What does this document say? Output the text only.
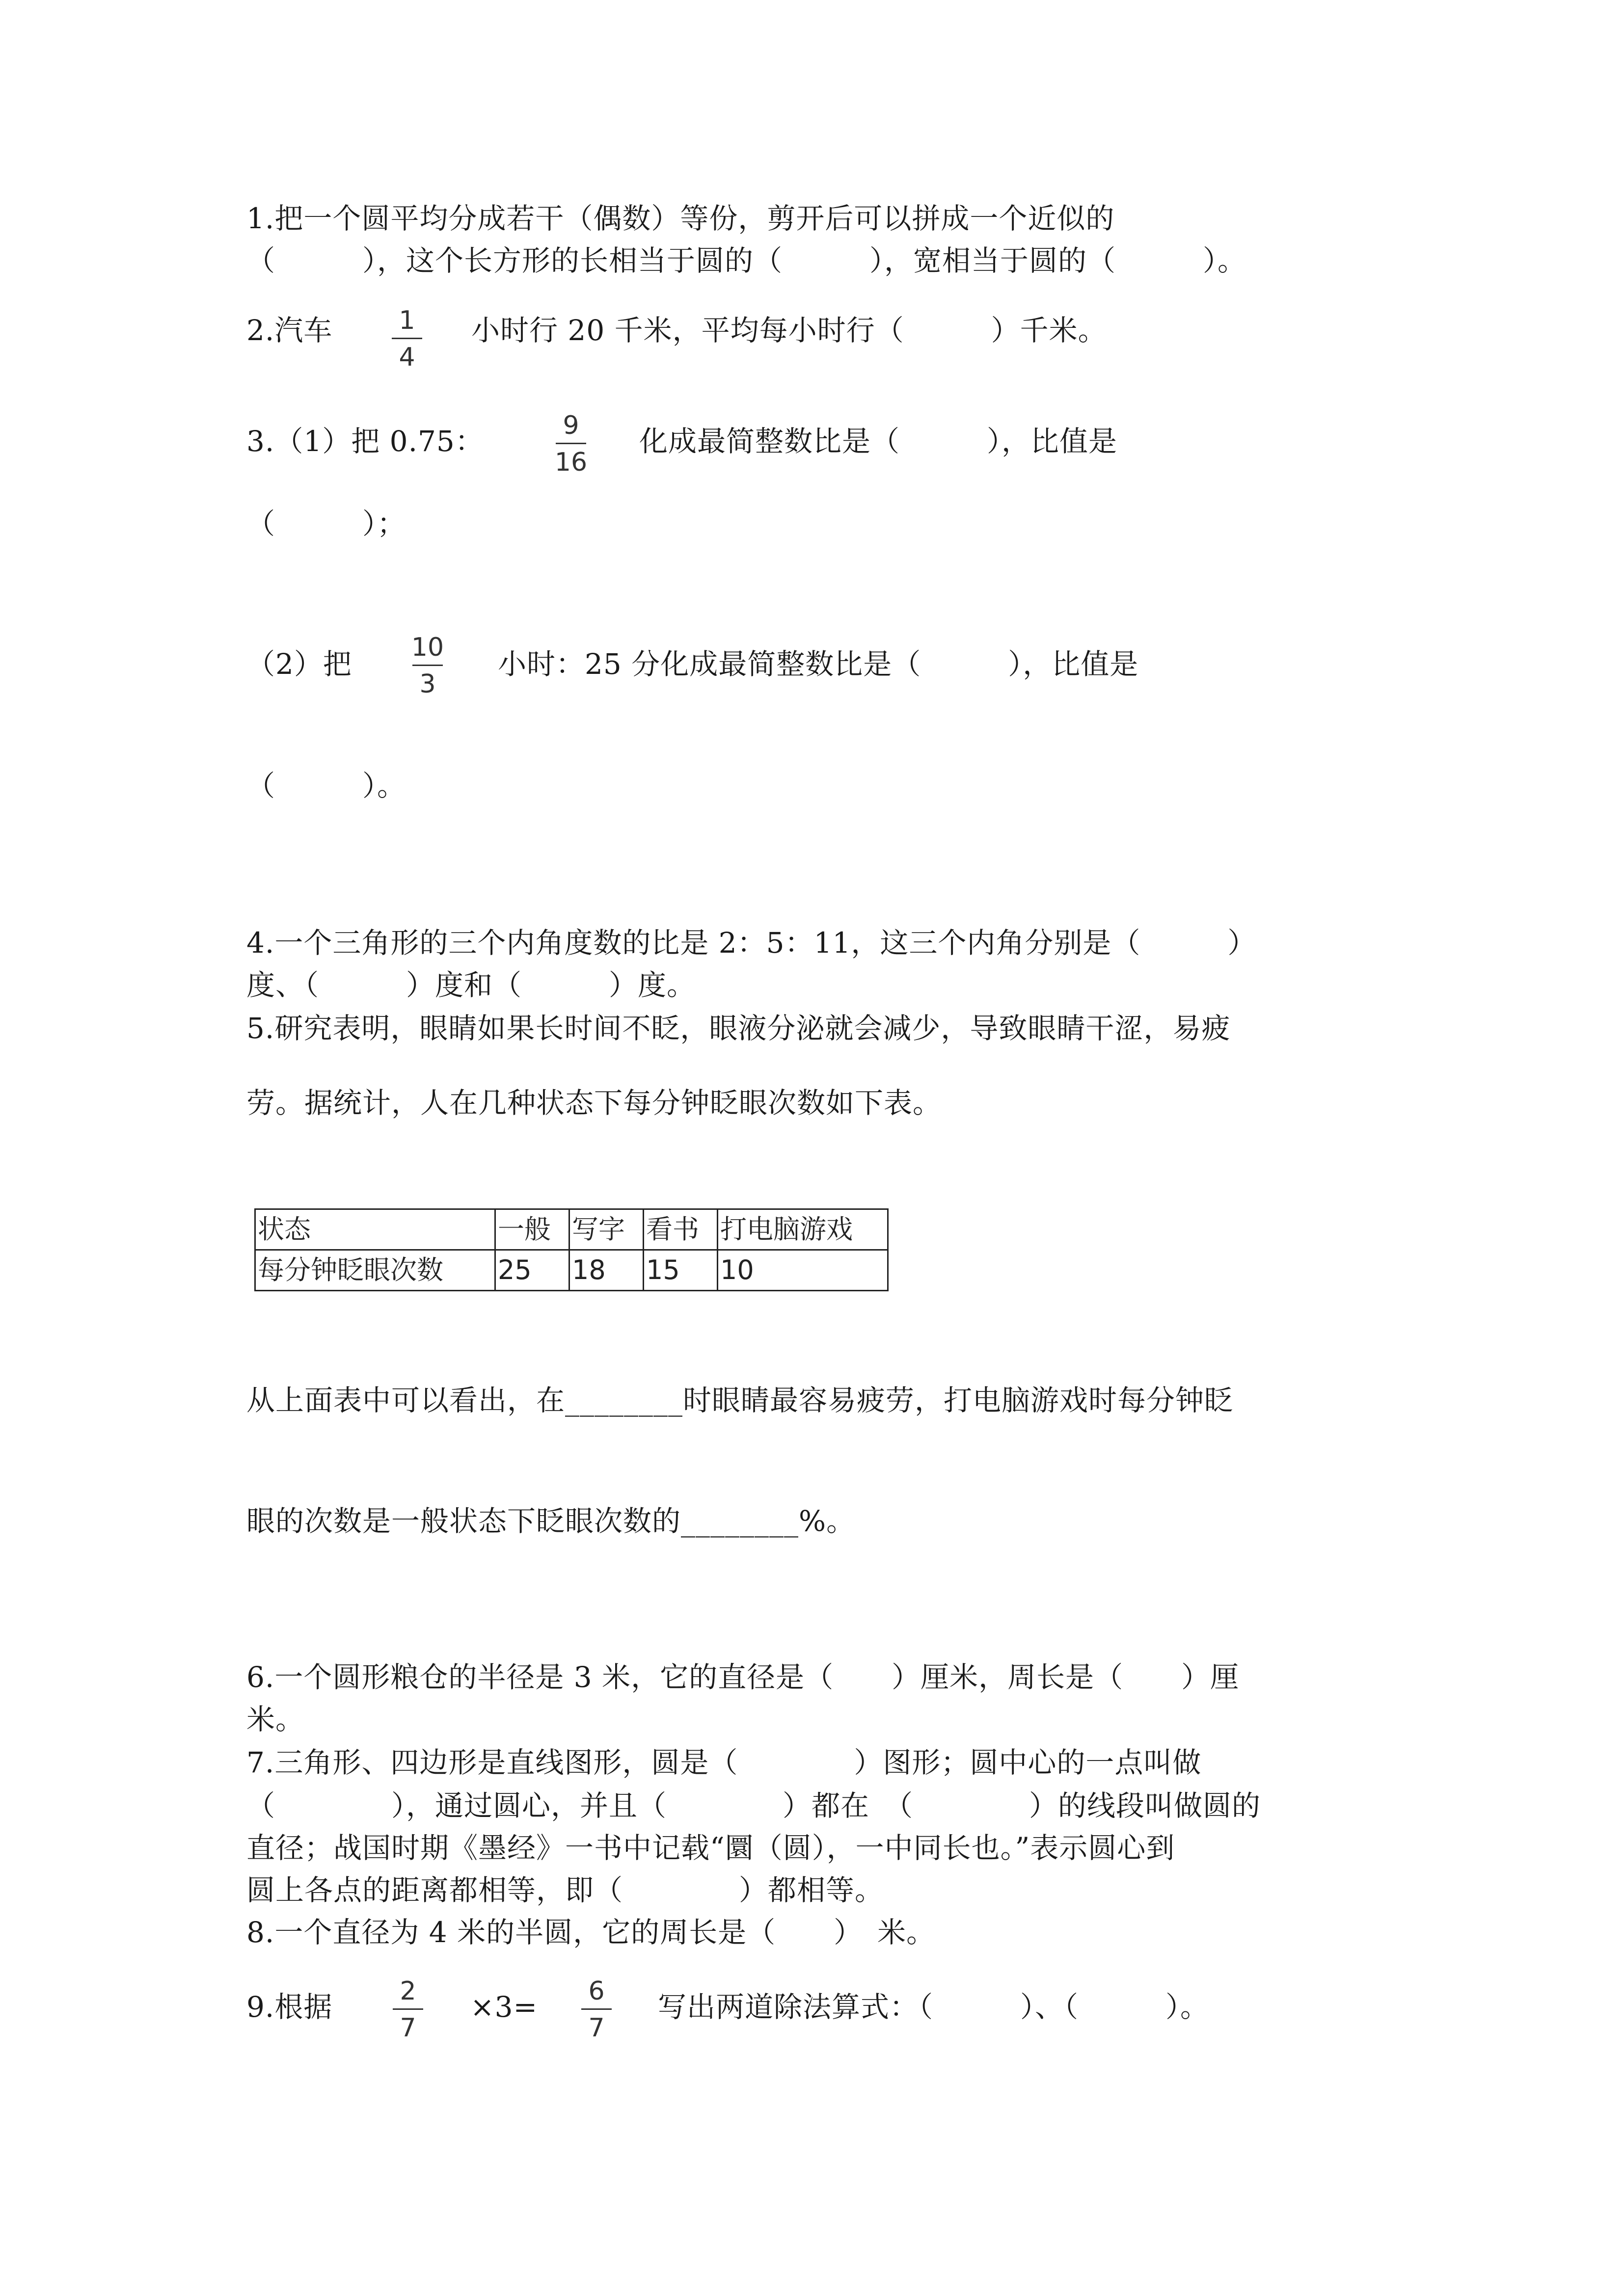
1.把一个圆平均分成若干（偶数）等份，剪开后可以拼成一个近似的
（　　　），这个长方形的长相当于圆的（　　　），宽相当于圆的（　　　）。
2.汽车	1
4
小时行 20 千米，平均每小时行（　　　）千米。
3.（1）把 0.75：	9
16
化成最简整数比是（　　　），比值是
（　　　）；
（2）把 10
3
小时：25 分化成最简整数比是（　　　），比值是
（　　　）。
4.一个三角形的三个内角度数的比是 2：5：11，这三个内角分别是（　　　）
度、（　　　）度和（　　　）度。
5.研究表明，眼睛如果长时间不眨，眼液分泌就会减少，导致眼睛干涩，易疲
劳。据统计，人在几种状态下每分钟眨眼次数如下表。
状态	一般	写字	看书	打电脑游戏
每分钟眨眼次数	25	18	15	10
从上面表中可以看出，在________时眼睛最容易疲劳，打电脑游戏时每分钟眨
眼的次数是一般状态下眨眼次数的________%。
6.一个圆形粮仓的半径是 3 米，它的直径是（　　）厘米，周长是（　　）厘
米。
7.三角形、四边形是直线图形，圆是（　　　　）图形；圆中心的一点叫做
（　　　　），通过圆心，并且（　　　　）都在　（　　　　）的线段叫做圆的
直径；战国时期《墨经》一书中记载“圜（圆），一中同长也。”表示圆心到
圆上各点的距离都相等，即（　　　　）都相等。
8.一个直径为 4 米的半圆，它的周长是（　　）　米。
9.根据	2
7
×3=	6
7
写出两道除法算式：（　　　）、（　　　）。
